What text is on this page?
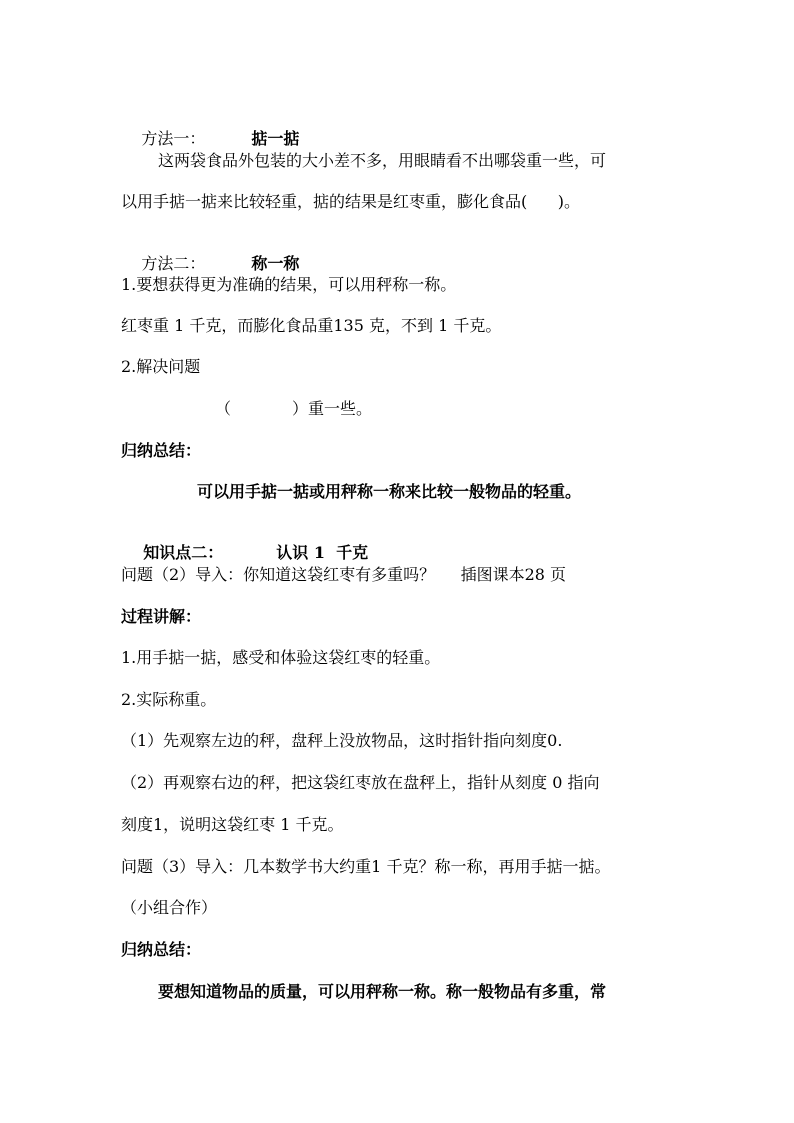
方法一：	掂一掂

这两袋食品外包装的大小差不多，用眼睛看不出哪袋重一些，可
以用手掂一掂来比较轻重，掂的结果是红枣重，膨化食品(      )。

方法二：	称一称

1.要想获得更为准确的结果，可以用秤称一称。
红枣重 1 千克，而膨化食品重135 克，不到 1 千克。
2.解决问题
（            ）重一些。
归纳总结：
可以用手掂一掂或用秤称一称来比较一般物品的轻重。

知识点二：	认识 1  千克

问题（2）导入：你知道这袋红枣有多重吗？     插图课本28 页
过程讲解：
1.用手掂一掂，感受和体验这袋红枣的轻重。
2.实际称重。
（1）先观察左边的秤，盘秤上没放物品，这时指针指向刻度0.
（2）再观察右边的秤，把这袋红枣放在盘秤上，指针从刻度 0 指向
刻度1，说明这袋红枣 1 千克。
问题（3）导入：几本数学书大约重1 千克？称一称，再用手掂一掂。
（小组合作）
归纳总结：
要想知道物品的质量，可以用秤称一称。称一般物品有多重，常
